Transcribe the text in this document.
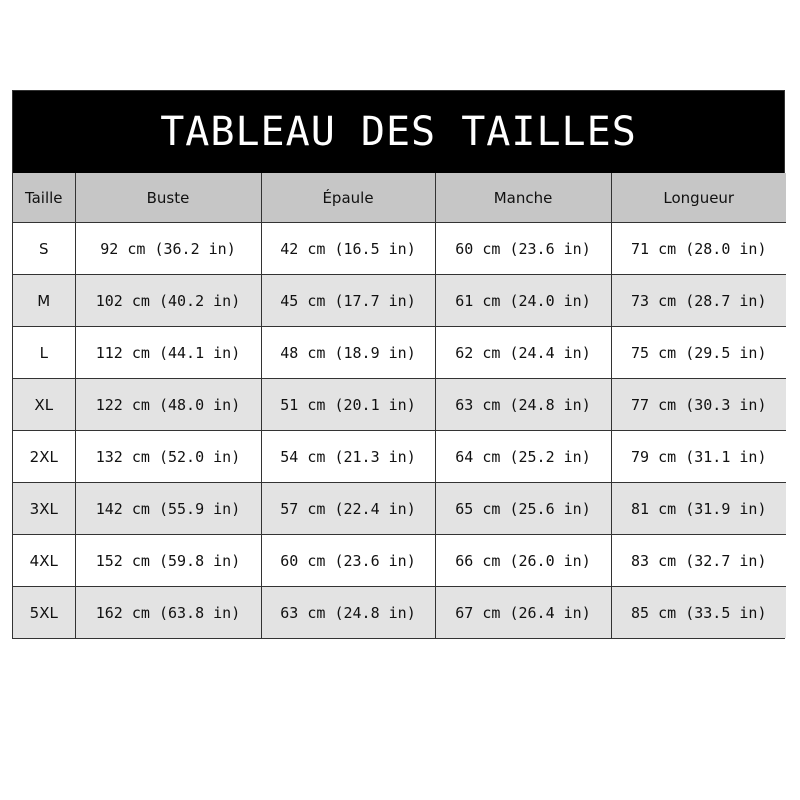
TABLEAU DES TAILLES
Taille	Buste	Épaule	Manche	Longueur
S	92 cm (36.2 in)	42 cm (16.5 in)	60 cm (23.6 in)	71 cm (28.0 in)
M	102 cm (40.2 in)	45 cm (17.7 in)	61 cm (24.0 in)	73 cm (28.7 in)
L	112 cm (44.1 in)	48 cm (18.9 in)	62 cm (24.4 in)	75 cm (29.5 in)
XL	122 cm (48.0 in)	51 cm (20.1 in)	63 cm (24.8 in)	77 cm (30.3 in)
2XL	132 cm (52.0 in)	54 cm (21.3 in)	64 cm (25.2 in)	79 cm (31.1 in)
3XL	142 cm (55.9 in)	57 cm (22.4 in)	65 cm (25.6 in)	81 cm (31.9 in)
4XL	152 cm (59.8 in)	60 cm (23.6 in)	66 cm (26.0 in)	83 cm (32.7 in)
5XL	162 cm (63.8 in)	63 cm (24.8 in)	67 cm (26.4 in)	85 cm (33.5 in)
